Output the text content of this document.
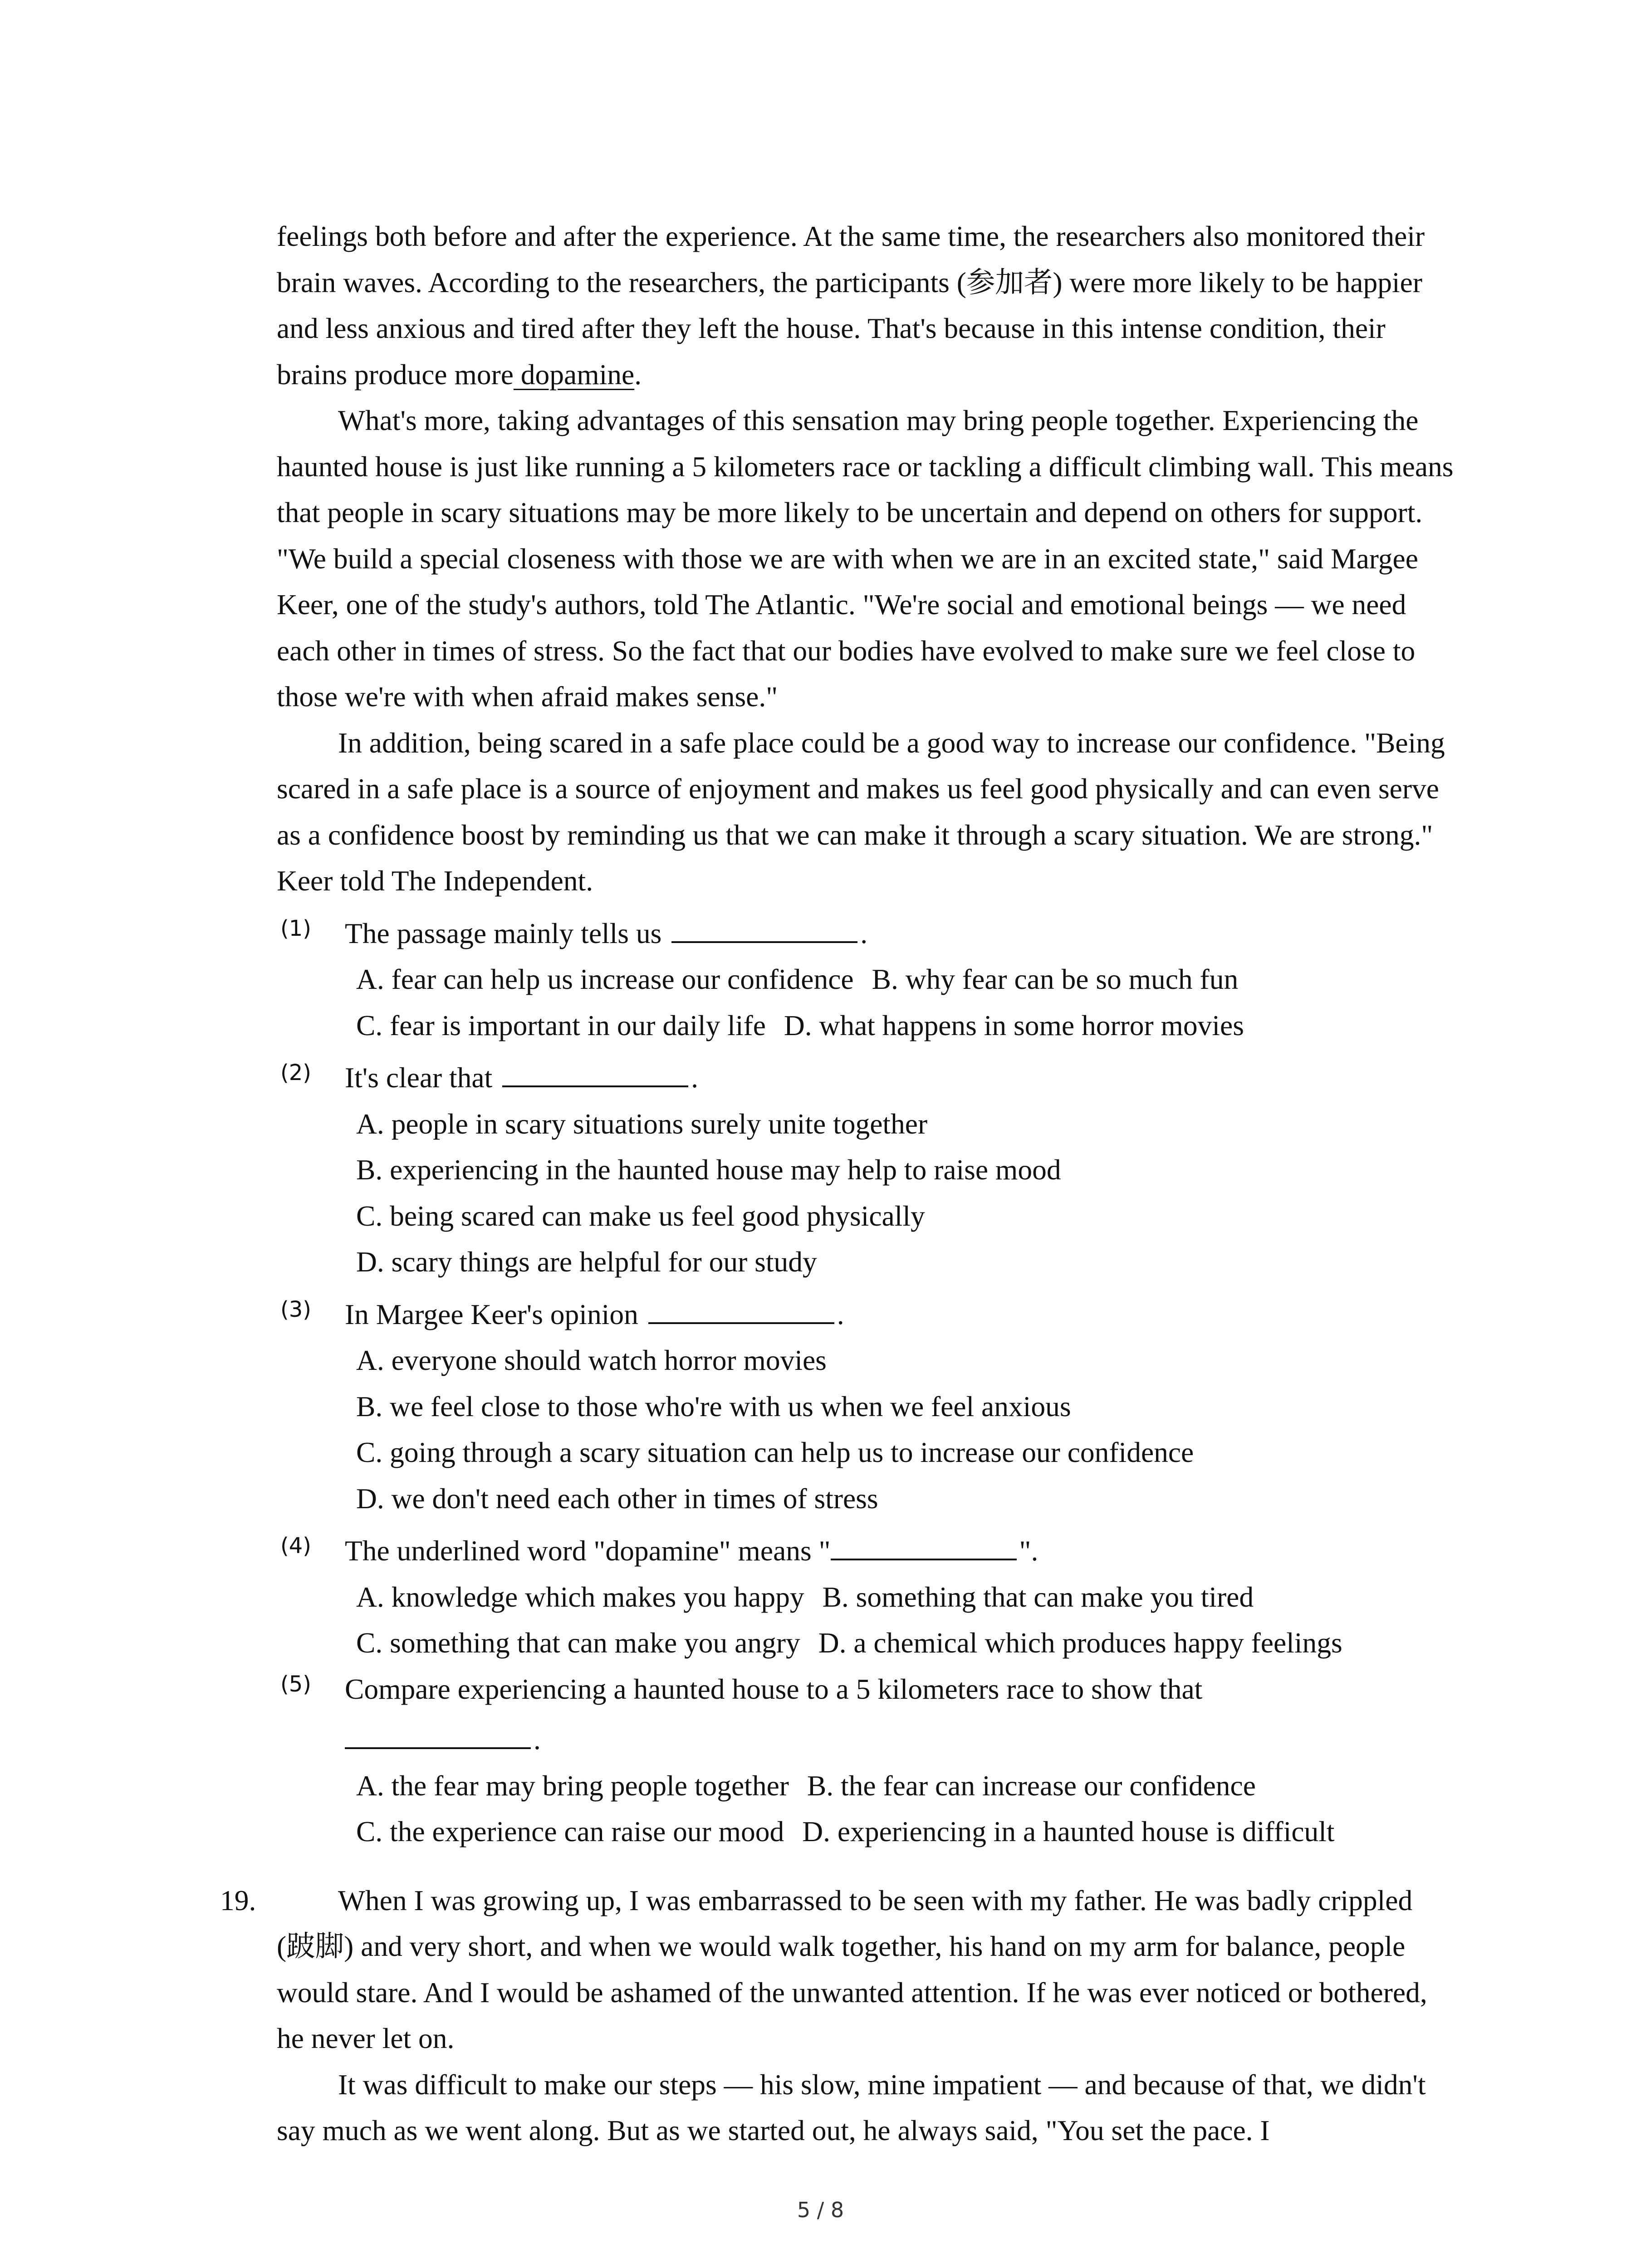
feelings both before and after the experience. At the same time, the researchers also monitored their brain waves. According to the researchers, the participants (参加者) were more likely to be happier and less anxious and tired after they left the house. That's because in this intense condition, their brains produce more dopamine.

What's more, taking advantages of this sensation may bring people together. Experiencing the haunted house is just like running a 5 kilometers race or tackling a difficult climbing wall. This means that people in scary situations may be more likely to be uncertain and depend on others for support. "We build a special closeness with those we are with when we are in an excited state," said Margee Keer, one of the study's authors, told The Atlantic. "We're social and emotional beings — we need each other in times of stress. So the fact that our bodies have evolved to make sure we feel close to those we're with when afraid makes sense."

In addition, being scared in a safe place could be a good way to increase our confidence. "Being scared in a safe place is a source of enjoyment and makes us feel good physically and can even serve as a confidence boost by reminding us that we can make it through a scary situation. We are strong." Keer told The Independent.

(1) The passage mainly tells us	.

A. fear can help us increase our confidence B. why fear can be so much fun

C. fear is important in our daily life D. what happens in some horror movies

(2) It's clear that	.

A. people in scary situations surely unite together

B. experiencing in the haunted house may help to raise mood

C. being scared can make us feel good physically

D. scary things are helpful for our study

(3) In Margee Keer's opinion	.

A. everyone should watch horror movies

B. we feel close to those who're with us when we feel anxious

C. going through a scary situation can help us to increase our confidence

D. we don't need each other in times of stress

(4) The underlined word "dopamine" means "	".

A. knowledge which makes you happy B. something that can make you tired

C. something that can make you angry D. a chemical which produces happy feelings

(5) Compare experiencing a haunted house to a 5 kilometers race to show that

.

A. the fear may bring people together B. the fear can increase our confidence

C. the experience can raise our mood D. experiencing in a haunted house is difficult

19.	When I was growing up, I was embarrassed to be seen with my father. He was badly crippled (跛脚) and very short, and when we would walk together, his hand on my arm for balance, people would stare. And I would be ashamed of the unwanted attention. If he was ever noticed or bothered, he never let on.

It was difficult to make our steps — his slow, mine impatient — and because of that, we didn't say much as we went along. But as we started out, he always said, "You set the pace. I

5 / 8
